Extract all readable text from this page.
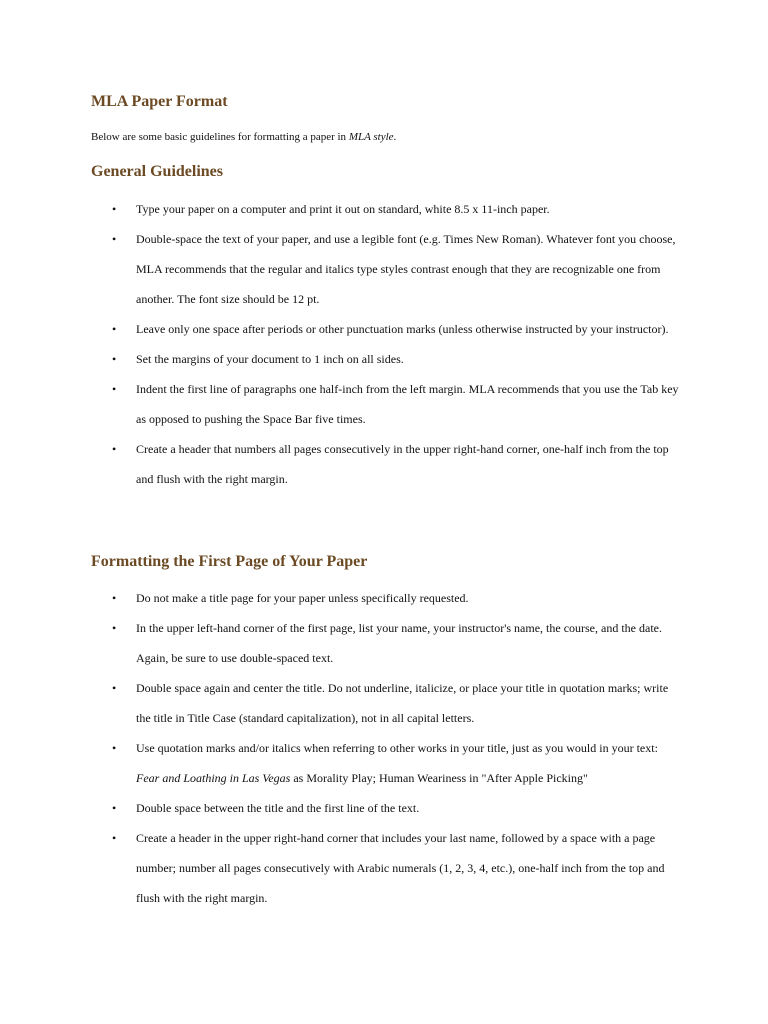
MLA Paper Format

Below are some basic guidelines for formatting a paper in MLA style.

General Guidelines
• Type your paper on a computer and print it out on standard, white 8.5 x 11-inch paper.
• Double-space the text of your paper, and use a legible font (e.g. Times New Roman). Whatever font you choose, MLA recommends that the regular and italics type styles contrast enough that they are recognizable one from another. The font size should be 12 pt.
• Leave only one space after periods or other punctuation marks (unless otherwise instructed by your instructor).
• Set the margins of your document to 1 inch on all sides.
• Indent the first line of paragraphs one half-inch from the left margin. MLA recommends that you use the Tab key as opposed to pushing the Space Bar five times.
• Create a header that numbers all pages consecutively in the upper right-hand corner, one-half inch from the top and flush with the right margin.
Formatting the First Page of Your Paper
• Do not make a title page for your paper unless specifically requested.
• In the upper left-hand corner of the first page, list your name, your instructor's name, the course, and the date. Again, be sure to use double-spaced text.
• Double space again and center the title. Do not underline, italicize, or place your title in quotation marks; write the title in Title Case (standard capitalization), not in all capital letters.
• Use quotation marks and/or italics when referring to other works in your title, just as you would in your text: Fear and Loathing in Las Vegas as Morality Play; Human Weariness in "After Apple Picking"
• Double space between the title and the first line of the text.
• Create a header in the upper right-hand corner that includes your last name, followed by a space with a page number; number all pages consecutively with Arabic numerals (1, 2, 3, 4, etc.), one-half inch from the top and flush with the right margin.
